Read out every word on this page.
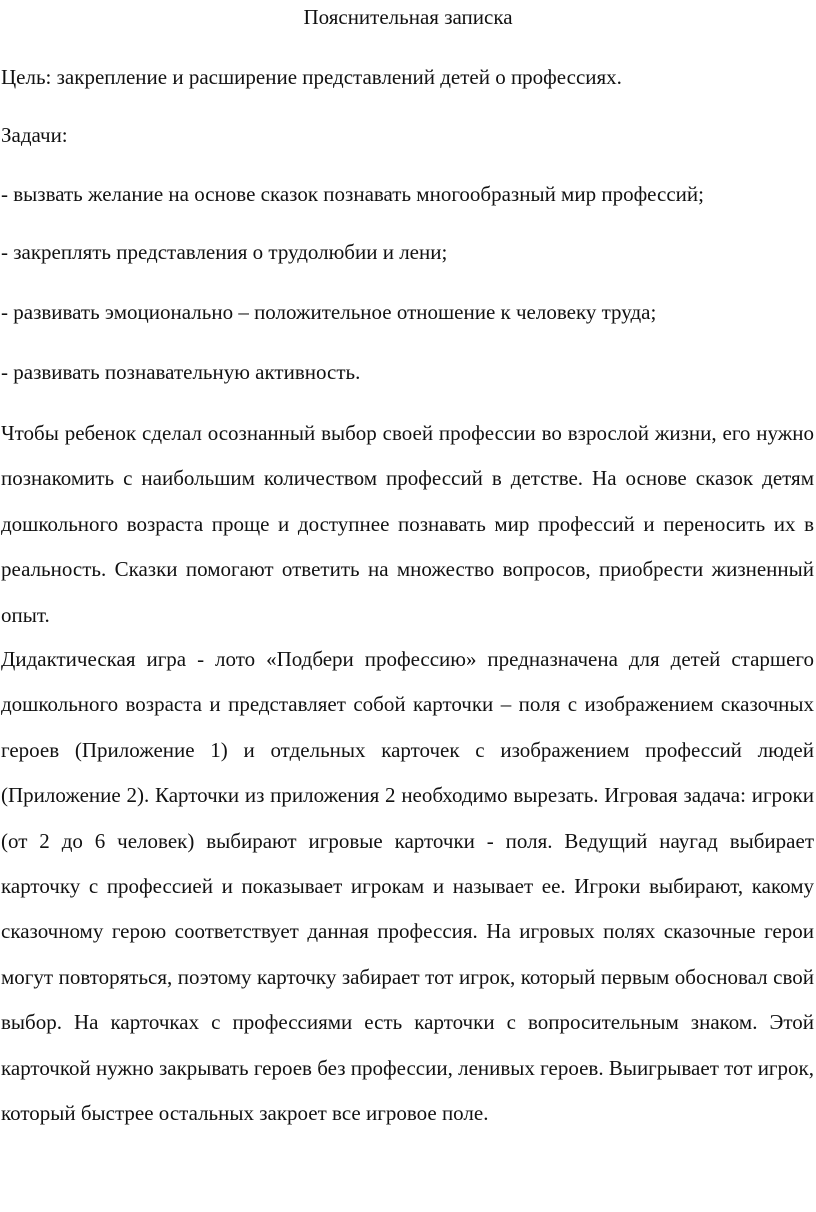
Пояснительная записка
Цель: закрепление и расширение представлений детей о профессиях.
Задачи:
- вызвать желание на основе сказок познавать многообразный мир профессий;
- закреплять представления о трудолюбии и лени;
- развивать эмоционально – положительное отношение к человеку труда;
- развивать познавательную активность.
Чтобы ребенок сделал осознанный выбор своей профессии во взрослой жизни, его нужно познакомить с наибольшим количеством профессий в детстве. На основе сказок детям дошкольного возраста проще и доступнее познавать мир профессий и переносить их в реальность. Сказки помогают ответить на множество вопросов, приобрести жизненный опыт.
Дидактическая игра - лото «Подбери профессию» предназначена для детей старшего дошкольного возраста и представляет собой карточки – поля с изображением сказочных героев (Приложение 1) и отдельных карточек с изображением профессий людей (Приложение 2). Карточки из приложения 2 необходимо вырезать. Игровая задача: игроки (от 2 до 6 человек) выбирают игровые карточки - поля. Ведущий наугад выбирает карточку с профессией и показывает игрокам и называет ее. Игроки выбирают, какому сказочному герою соответствует данная профессия. На игровых полях сказочные герои могут повторяться, поэтому карточку забирает тот игрок, который первым обосновал свой выбор. На карточках с профессиями есть карточки с вопросительным знаком. Этой карточкой нужно закрывать героев без профессии, ленивых героев. Выигрывает тот игрок, который быстрее остальных закроет все игровое поле.
